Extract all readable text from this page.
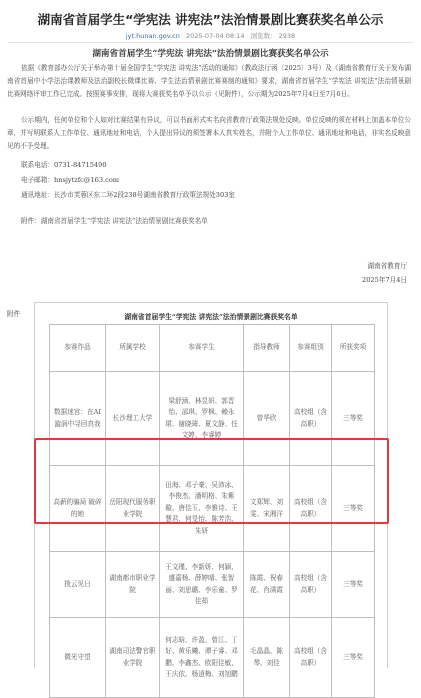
湖南省首届学生“学宪法 讲宪法”法治情景剧比赛获奖名单公示
jyt.hunan.gov.cn 2025-07-04 08:14 浏览数： 2938
湖南省首届学生“学宪法 讲宪法”法治情景剧比赛获奖名单公示

依据《教育部办公厅关于举办第十届全国学生“学宪法 讲宪法”活动的通知》（教政法厅函〔2025〕3号）及《湖南省教育厅关于发布湖南省首届中小学法治课教师及法治副校长微课比赛、学生法治情景剧比赛赛制的通知》要求，湖南省首届学生“学宪法 讲宪法”法治情景剧比赛网络评审工作已完成。按照赛事安排，现将大赛获奖名单予以公示（见附件），公示期为2025年7月4日至7月6日。

公示期内，任何单位和个人如对比赛结果有异议，可以书面形式实名向省教育厅政策法规处反映。单位反映的须在材料上加盖本单位公章，并写明联系人工作单位、通讯地址和电话，个人提出异议的须签署本人真实姓名，并附个人工作单位、通讯地址和电话，非实名反映意见的不予受理。

联系电话：0731-84715490
电子邮箱：hnsjytzfc@163.com
通讯地址：长沙市芙蓉区东二环2段238号湖南省教育厅政策法规处303室
附件：湖南省首届学生“学宪法 讲宪法”法治情景剧比赛获奖名单
湖南省教育厅
2025年7月4日
附件	湖南省首届学生“学宪法 讲宪法”法治情景剧比赛获奖名单
参赛作品	所属学校	参赛学生	指导教师	参赛组别	所获奖项
数据迷宫：在AI漩涡中寻回真我	长沙理工大学	梁舒涵、林昱妍、郭晋怡、邵琪、罗枫、賴永珺、谢晓琦、夏文静、任文婷、李睿婷	曾华欣	高校组（含高职）	三等奖
高薪的骗局 破碎的她	岳阳现代服务职业学院	田海、邓子豪、吴沛冰、李俊杰、潘明格、朱紫璇、唐佳玉、李雅诗、王慧君、何旻怡、陈芳浩、朱妍	文郑辉、刘雯、宋湘洋	高校组（含高职）	三等奖
拨云见日	湖南都市职业学院	王文瑾、李新妍、何颖、盛嘉杨、薛婷晴、张智丽、刘思璐、李乐童、罗佳茹	陈霞、祝春花、肖满霞	高校组（含高职）	三等奖
微光守望	湖南司法警官职业学院	何志晗、许盈、曾江、丁好、黄乐曦、谭子睿、邓鹏、李鑫杰、欧阳佳敏、王庆依、杨逍梅、刘旭鹏	毛晶晶、陈琴、刘佳	高校组（含高职）	三等奖
